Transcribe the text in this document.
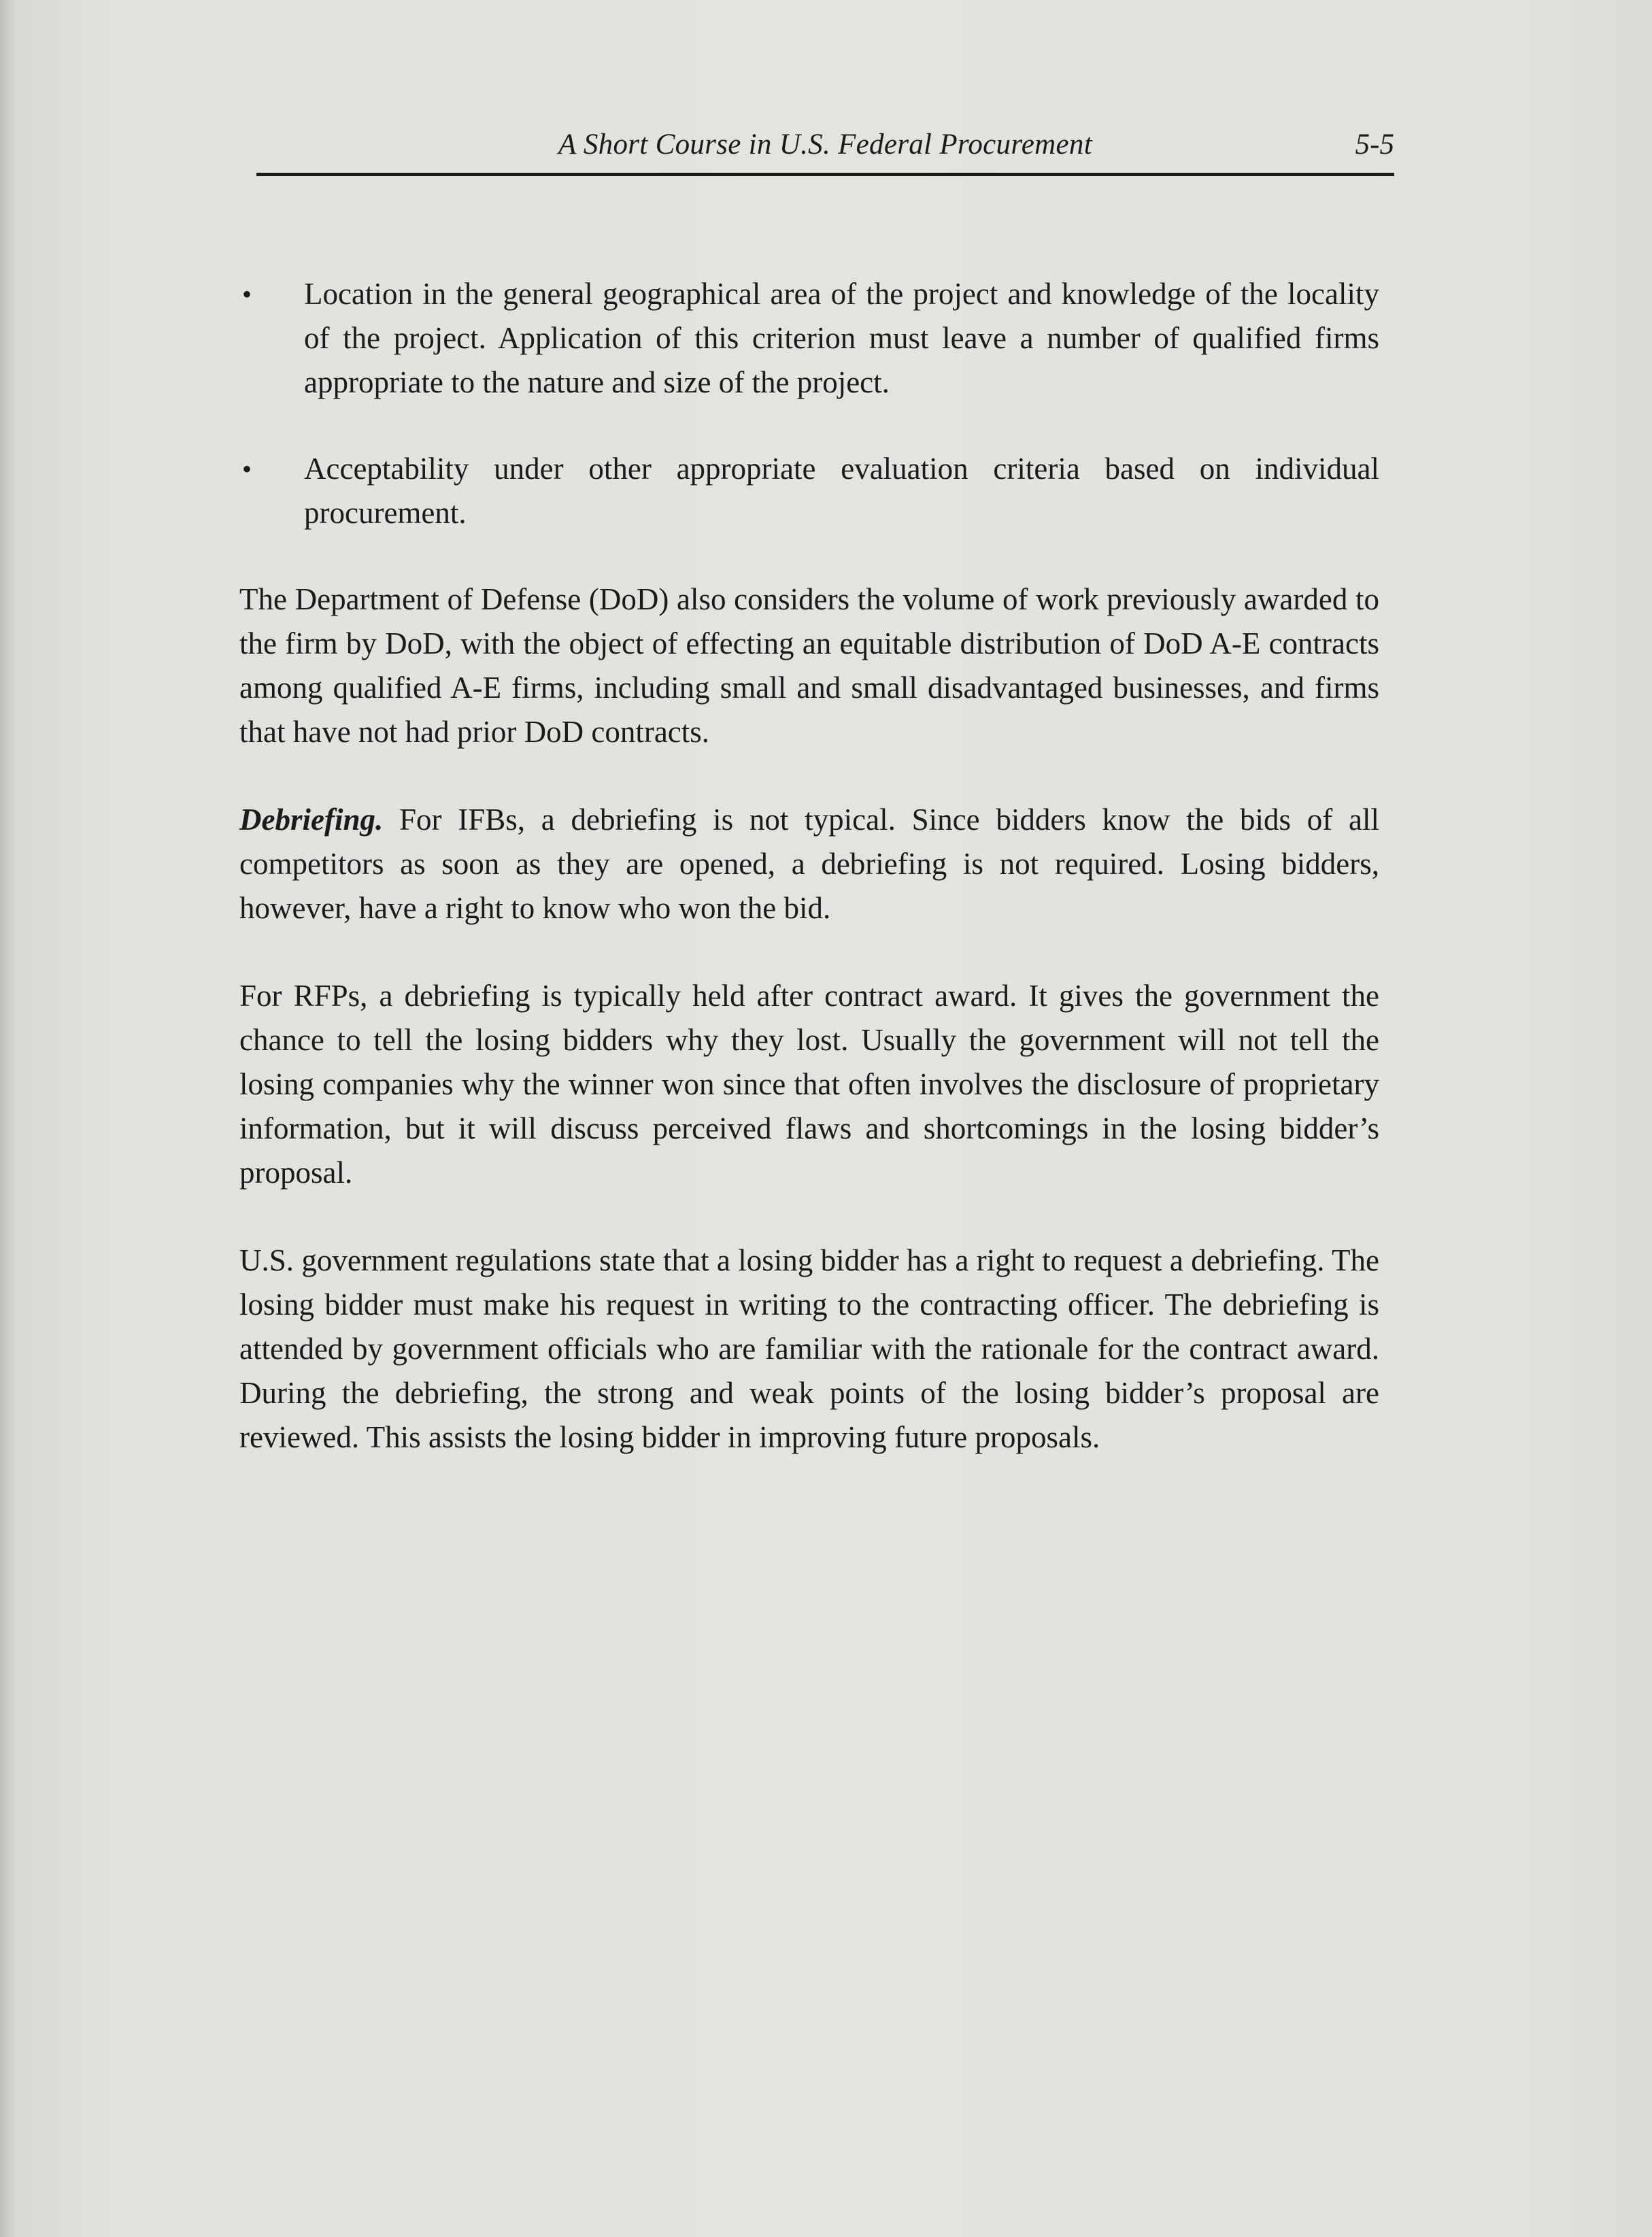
A Short Course in U.S. Federal Procurement	5-5
• Location in the general geographical area of the project and knowledge of the locality of the project. Application of this criterion must leave a number of qualified firms appropriate to the nature and size of the project.
• Acceptability under other appropriate evaluation criteria based on individual procurement.

The Department of Defense (DoD) also considers the volume of work previously awarded to the firm by DoD, with the object of effecting an equitable distribution of DoD A-E contracts among qualified A-E firms, including small and small disadvantaged businesses, and firms that have not had prior DoD contracts.

Debriefing. For IFBs, a debriefing is not typical. Since bidders know the bids of all competitors as soon as they are opened, a debriefing is not required. Losing bidders, however, have a right to know who won the bid.

For RFPs, a debriefing is typically held after contract award. It gives the government the chance to tell the losing bidders why they lost. Usually the government will not tell the losing companies why the winner won since that often involves the disclosure of proprietary information, but it will discuss perceived flaws and shortcomings in the losing bidder’s proposal.

U.S. government regulations state that a losing bidder has a right to request a debriefing. The losing bidder must make his request in writing to the contracting officer. The debriefing is attended by government officials who are familiar with the rationale for the contract award. During the debriefing, the strong and weak points of the losing bidder’s proposal are reviewed. This assists the losing bidder in improving future proposals.
